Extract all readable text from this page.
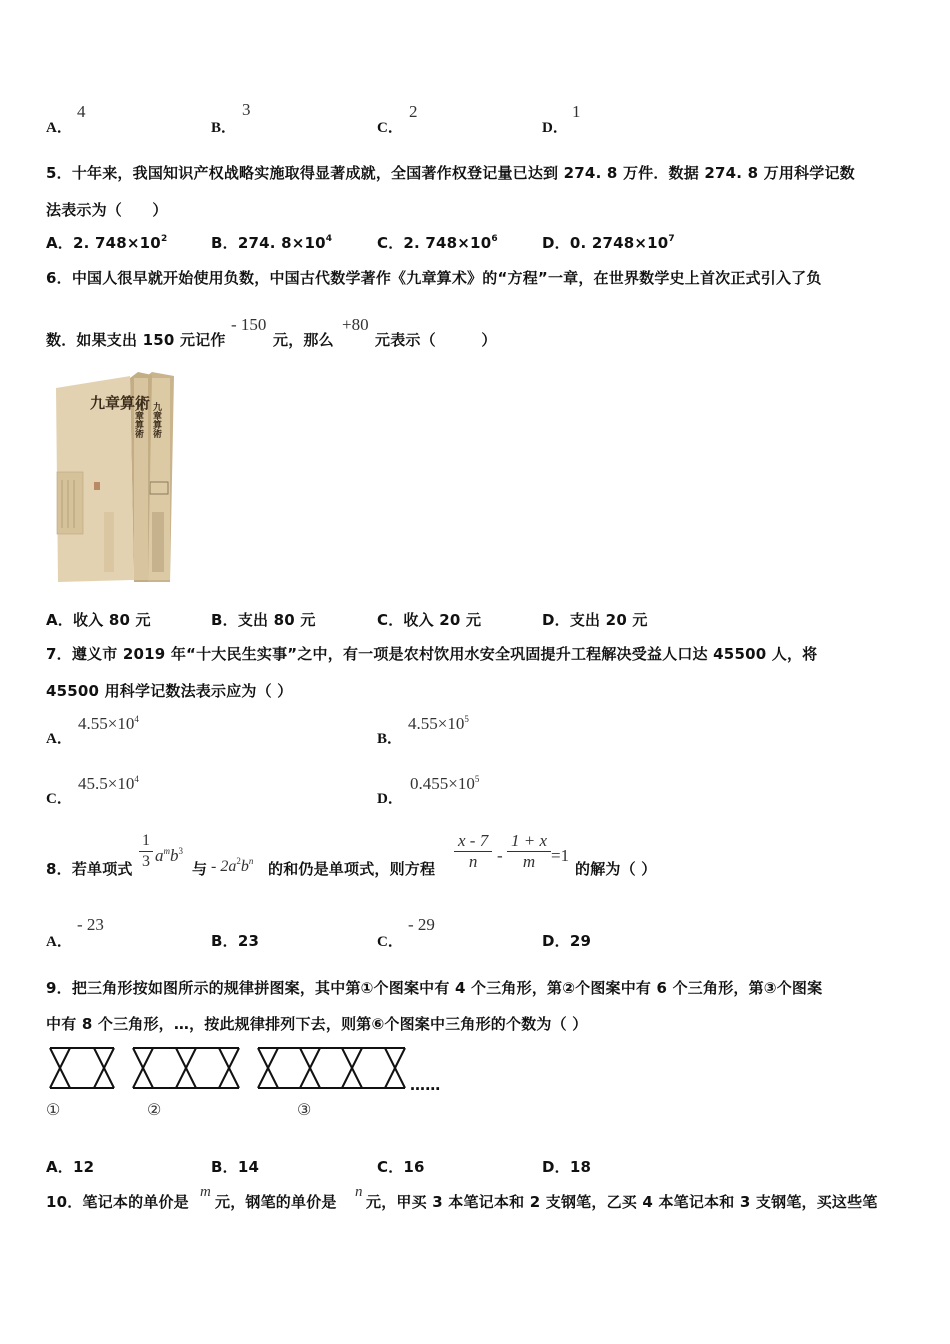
A．
4
B．
3
C．
2
D．
1
5．十年来，我国知识产权战略实施取得显著成就，全国著作权登记量已达到 274. 8 万件．数据 274. 8 万用科学记数
法表示为（　　）
A．2. $748\times 10^2$	B．274. $8\times 10^4$	C．2. $748\times 10^6$	D．0. $2748\times 10^7$
6．中国人很早就开始使用负数，中国古代数学著作《九章算术》的“方程”一章，在世界数学史上首次正式引入了负
数．如果支出 150 元记作
- 150
元，那么
+80
元表示（　　　）
九章算術
九章算術 九章算術
A．收入 80 元	B．支出 80 元	C．收入 20 元	D．支出 20 元
7．遵义市 2019 年“十大民生实事”之中，有一项是农村饮用水安全巩固提升工程解决受益人口达 45500 人，将
45500 用科学记数法表示应为（ ）
A．
$4.55\times 10^4$
B．
$4.55\times 10^5$
C．
$45.5\times 10^4$
D．
$0.455\times 10^5$
8．若单项式 $\frac{1}{3} a^mb^3$
与 - $2a^2b^n$ 的和仍是单项式，则方程 $\frac{x - 7}{n} - \frac{1 + x}{m} =1$
的解为（ ）
A．
- 23
B．23	C．
- 29
D．29
9．把三角形按如图所示的规律拼图案，其中第①个图案中有 4 个三角形，第②个图案中有 6 个三角形，第③个图案
中有 8 个三角形，…，按此规律排列下去，则第⑥个图案中三角形的个数为（ ）
……
①	②	③
A．12	B．14	C．16	D．18
10．笔记本的单价是
m
元，钢笔的单价是
n
元，甲买 3 本笔记本和 2 支钢笔，乙买 4 本笔记本和 3 支钢笔，买这些笔
